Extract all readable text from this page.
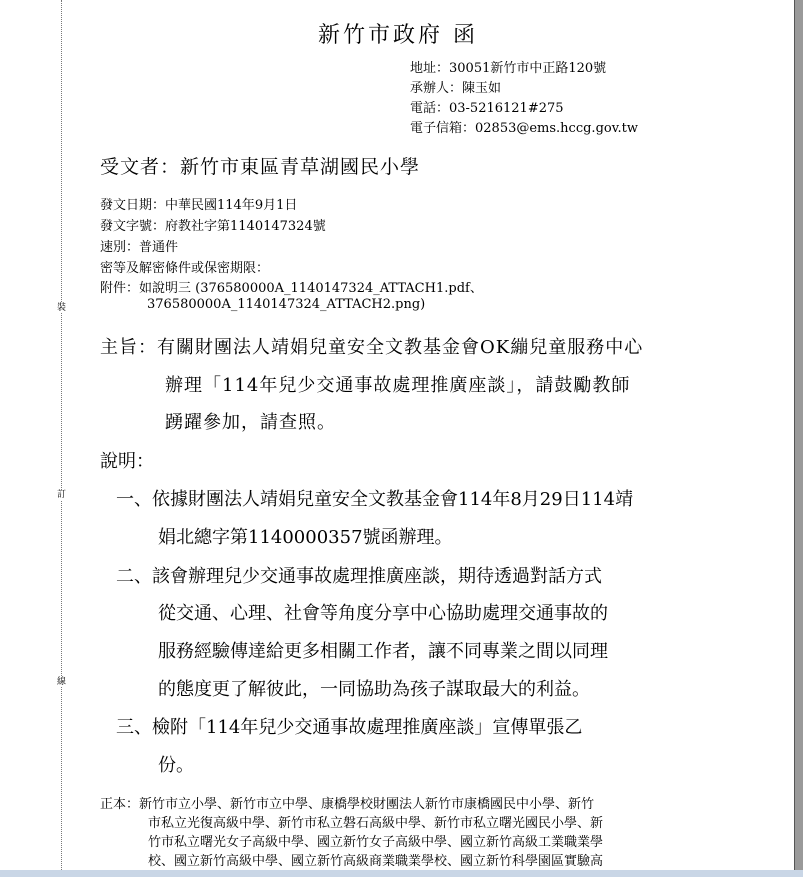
裝
訂
線
新竹市政府 函
地址：30051新竹市中正路120號
承辦人：陳玉如
電話：03-5216121#275
電子信箱：02853@ems.hccg.gov.tw
受文者：新竹市東區青草湖國民小學
發文日期：中華民國114年9月1日
發文字號：府教社字第1140147324號
速別：普通件
密等及解密條件或保密期限：
附件：如說明三 (376580000A_1140147324_ATTACH1.pdf、
376580000A_1140147324_ATTACH2.png)
主旨：有關財團法人靖娟兒童安全文教基金會OK繃兒童服務中心
辦理「114年兒少交通事故處理推廣座談」，請鼓勵教師
踴躍參加，請查照。
說明：
一、依據財團法人靖娟兒童安全文教基金會114年8月29日114靖
娟北總字第1140000357號函辦理。
二、該會辦理兒少交通事故處理推廣座談，期待透過對話方式
從交通、心理、社會等角度分享中心協助處理交通事故的
服務經驗傳達給更多相關工作者，讓不同專業之間以同理
的態度更了解彼此，一同協助為孩子謀取最大的利益。
三、檢附「114年兒少交通事故處理推廣座談」宣傳單張乙
份。
正本：新竹市立小學、新竹市立中學、康橋學校財團法人新竹市康橋國民中小學、新竹
市私立光復高級中學、新竹市私立磐石高級中學、新竹市私立曙光國民小學、新
竹市私立曙光女子高級中學、國立新竹女子高級中學、國立新竹高級工業職業學
校、國立新竹高級中學、國立新竹高級商業職業學校、國立新竹科學園區實驗高
